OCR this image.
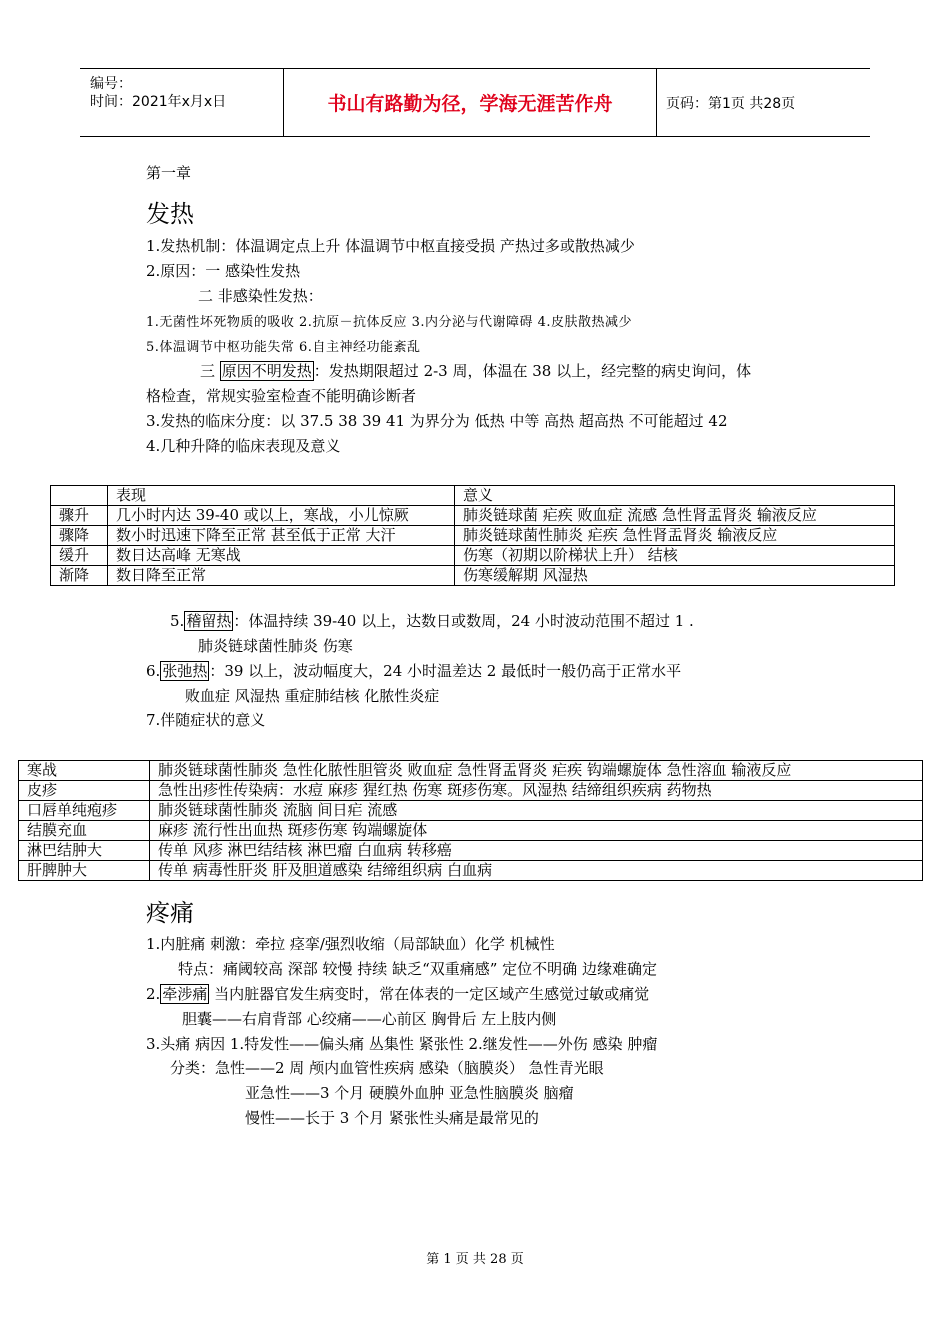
编号：
时间：2021年x月x日	书山有路勤为径，学海无涯苦作舟	页码：第1页 共28页
第一章
发热
1.发热机制：体温调定点上升 体温调节中枢直接受损 产热过多或散热减少
2.原因：一 感染性发热
二 非感染性发热：
1.无菌性坏死物质的吸收 2.抗原－抗体反应 3.内分泌与代谢障碍 4.皮肤散热减少
5.体温调节中枢功能失常 6.自主神经功能紊乱
三 原因不明发热 ：发热期限超过 2-3 周，体温在 38 以上，经完整的病史询问，体
格检查，常规实验室检查不能明确诊断者
3.发热的临床分度：以 37.5 38 39 41 为界分为 低热 中等 高热 超高热 不可能超过 42
4.几种升降的临床表现及意义
	表现	意义
骤升	几小时内达 39-40 或以上，寒战，小儿惊厥	肺炎链球菌 疟疾 败血症 流感 急性肾盂肾炎 输液反应
骤降	数小时迅速下降至正常 甚至低于正常 大汗	肺炎链球菌性肺炎 疟疾 急性肾盂肾炎 输液反应
缓升	数日达高峰 无寒战	伤寒（初期以阶梯状上升） 结核
渐降	数日降至正常	伤寒缓解期 风湿热
5. 稽留热 ：体温持续 39-40 以上，达数日或数周，24 小时波动范围不超过 1 .
肺炎链球菌性肺炎 伤寒
6. 张弛热 ：39 以上，波动幅度大，24 小时温差达 2 最低时一般仍高于正常水平
败血症 风湿热 重症肺结核 化脓性炎症
7.伴随症状的意义
寒战	肺炎链球菌性肺炎 急性化脓性胆管炎 败血症 急性肾盂肾炎 疟疾 钩端螺旋体 急性溶血 输液反应
皮疹	急性出疹性传染病：水痘 麻疹 猩红热 伤寒 斑疹伤寒。风湿热 结缔组织疾病 药物热
口唇单纯疱疹	肺炎链球菌性肺炎 流脑 间日疟 流感
结膜充血	麻疹 流行性出血热 斑疹伤寒 钩端螺旋体
淋巴结肿大	传单 风疹 淋巴结结核 淋巴瘤 白血病 转移癌
肝脾肿大	传单 病毒性肝炎 肝及胆道感染 结缔组织病 白血病
疼痛
1.内脏痛 刺激：牵拉 痉挛/强烈收缩（局部缺血）化学 机械性
特点：痛阈较高 深部 较慢 持续 缺乏“双重痛感” 定位不明确 边缘难确定
2. 牵涉痛 当内脏器官发生病变时，常在体表的一定区域产生感觉过敏或痛觉
胆囊——右肩背部 心绞痛——心前区 胸骨后 左上肢内侧
3.头痛 病因 1.特发性——偏头痛 丛集性 紧张性 2.继发性——外伤 感染 肿瘤
分类：急性——2 周 颅内血管性疾病 感染（脑膜炎） 急性青光眼
亚急性——3 个月 硬膜外血肿 亚急性脑膜炎 脑瘤
慢性——长于 3 个月 紧张性头痛是最常见的
第 1 页 共 28 页
